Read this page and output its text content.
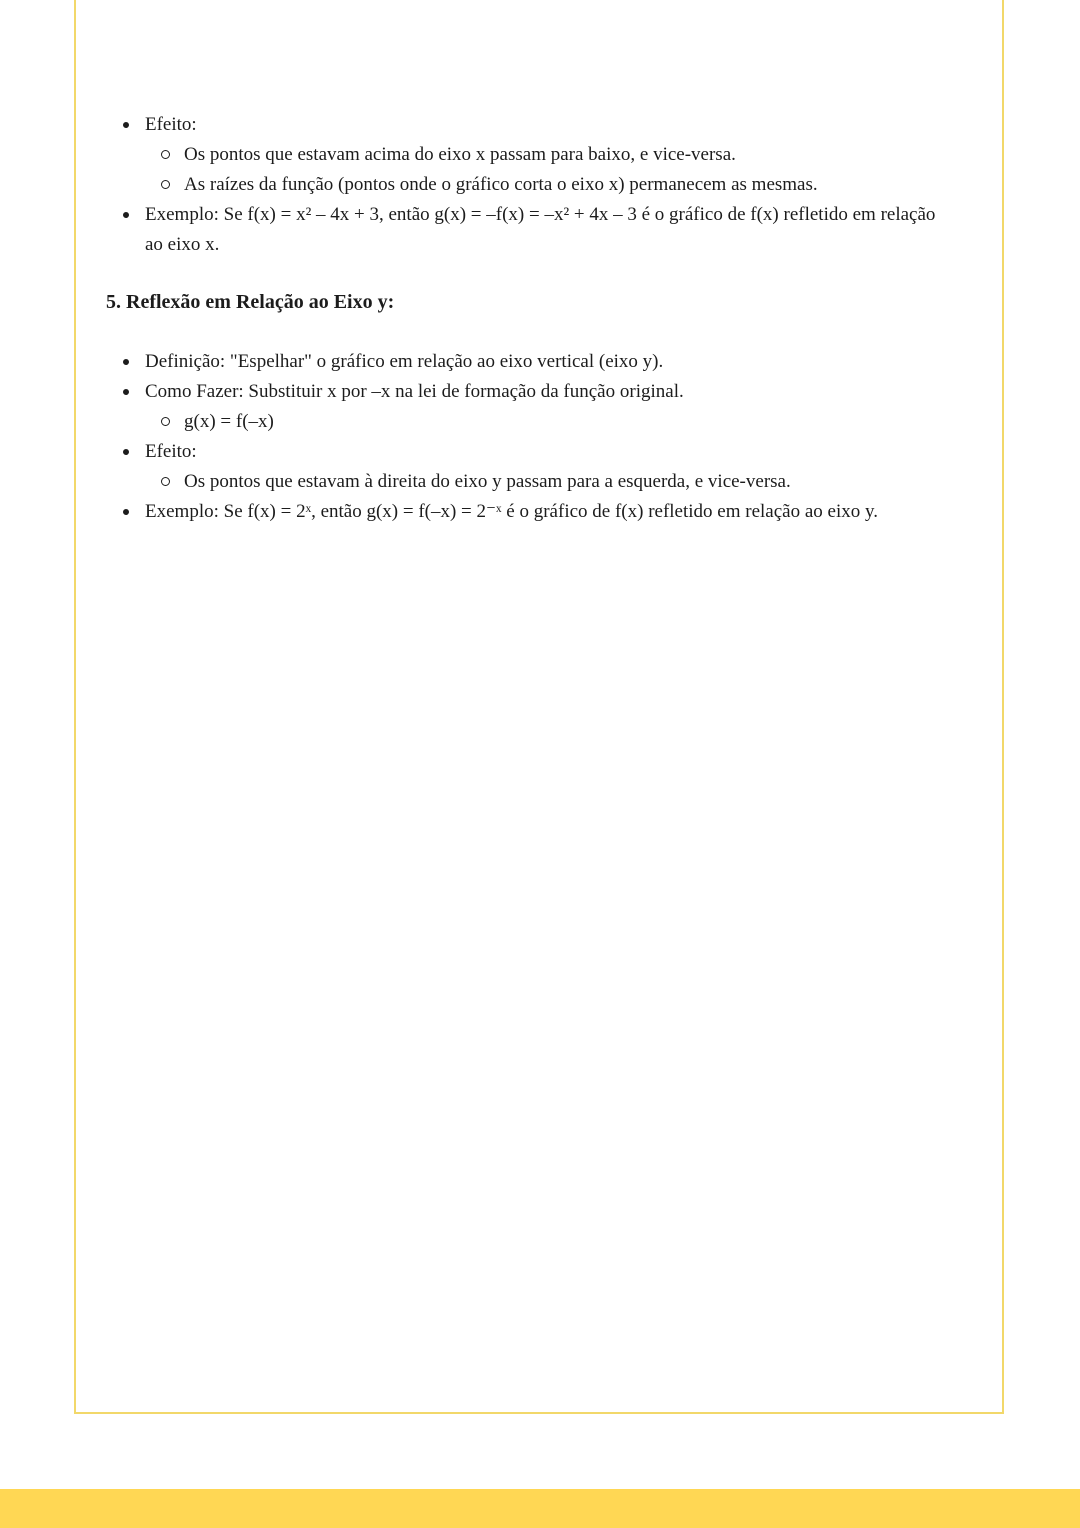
Efeito:
Os pontos que estavam acima do eixo x passam para baixo, e vice-versa.
As raízes da função (pontos onde o gráfico corta o eixo x) permanecem as mesmas.
Exemplo: Se f(x) = x² – 4x + 3, então g(x) = –f(x) = –x² + 4x – 3 é o gráfico de f(x) refletido em relação ao eixo x.
5. Reflexão em Relação ao Eixo y:
Definição: "Espelhar" o gráfico em relação ao eixo vertical (eixo y).
Como Fazer: Substituir x por –x na lei de formação da função original.
g(x) = f(–x)
Efeito:
Os pontos que estavam à direita do eixo y passam para a esquerda, e vice-versa.
Exemplo: Se f(x) = 2ˣ, então g(x) = f(–x) = 2⁻ˣ é o gráfico de f(x) refletido em relação ao eixo y.
